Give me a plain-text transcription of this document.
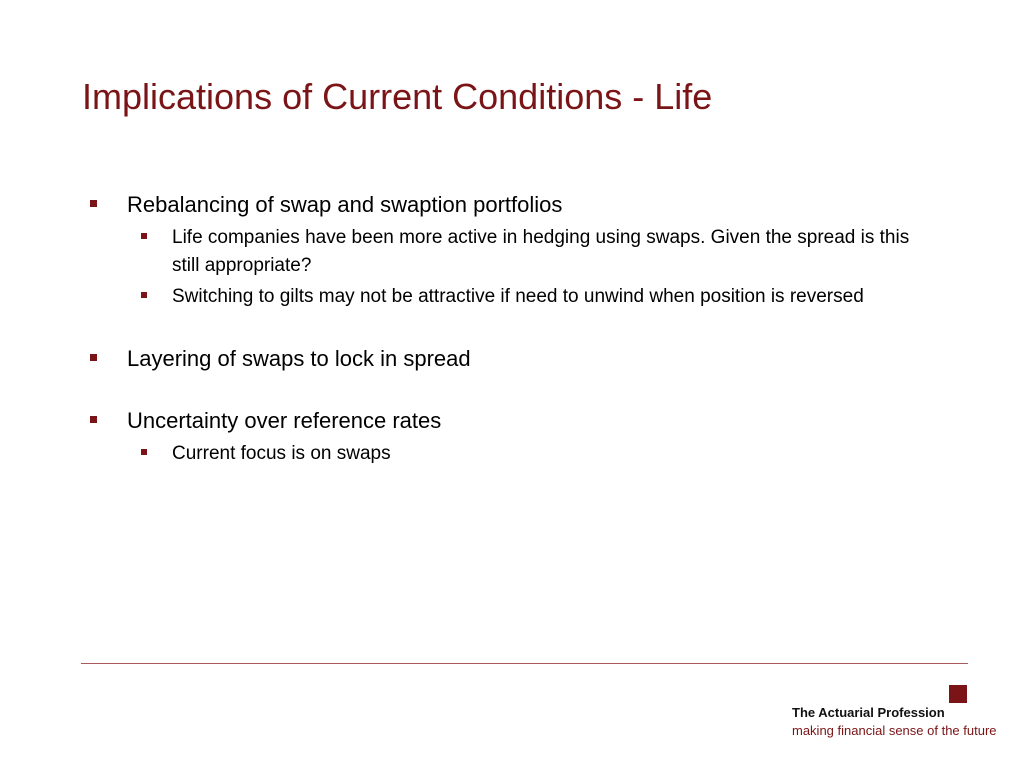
Implications of Current Conditions - Life
Rebalancing of swap and swaption portfolios
Life companies have been more active in hedging using swaps. Given the spread is this still appropriate?
Switching to gilts may not be attractive if need to unwind when position is reversed
Layering of swaps to lock in spread
Uncertainty over reference rates
Current focus is on swaps
The Actuarial Profession
making financial sense of the future
